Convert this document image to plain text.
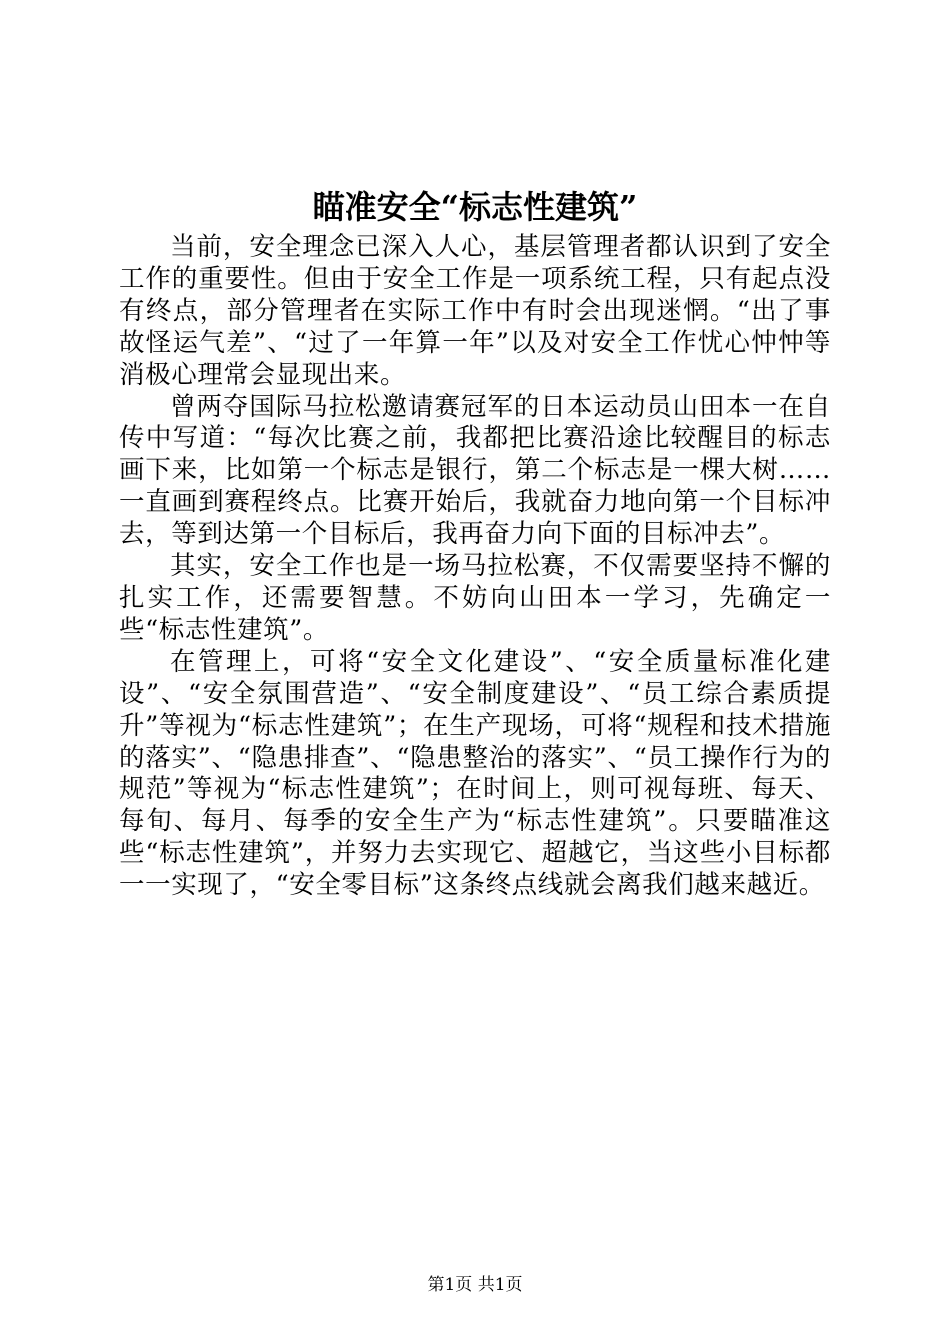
瞄准安全“标志性建筑”

当前，安全理念已深入人心，基层管理者都认识到了安全工作的重要性。但由于安全工作是一项系统工程，只有起点没有终点，部分管理者在实际工作中有时会出现迷惘。“出了事故怪运气差”、“过了一年算一年”以及对安全工作忧心忡忡等消极心理常会显现出来。

曾两夺国际马拉松邀请赛冠军的日本运动员山田本一在自传中写道：“每次比赛之前，我都把比赛沿途比较醒目的标志画下来，比如第一个标志是银行，第二个标志是一棵大树……一直画到赛程终点。比赛开始后，我就奋力地向第一个目标冲去，等到达第一个目标后，我再奋力向下面的目标冲去”。

其实，安全工作也是一场马拉松赛，不仅需要坚持不懈的扎实工作，还需要智慧。不妨向山田本一学习，先确定一些“标志性建筑”。

在管理上，可将“安全文化建设”、“安全质量标准化建设”、“安全氛围营造”、“安全制度建设”、“员工综合素质提升”等视为“标志性建筑”；在生产现场，可将“规程和技术措施的落实”、“隐患排查”、“隐患整治的落实”、“员工操作行为的规范”等视为“标志性建筑”；在时间上，则可视每班、每天、每旬、每月、每季的安全生产为“标志性建筑”。只要瞄准这些“标志性建筑”，并努力去实现它、超越它，当这些小目标都一一实现了，“安全零目标”这条终点线就会离我们越来越近。

第1页 共1页
